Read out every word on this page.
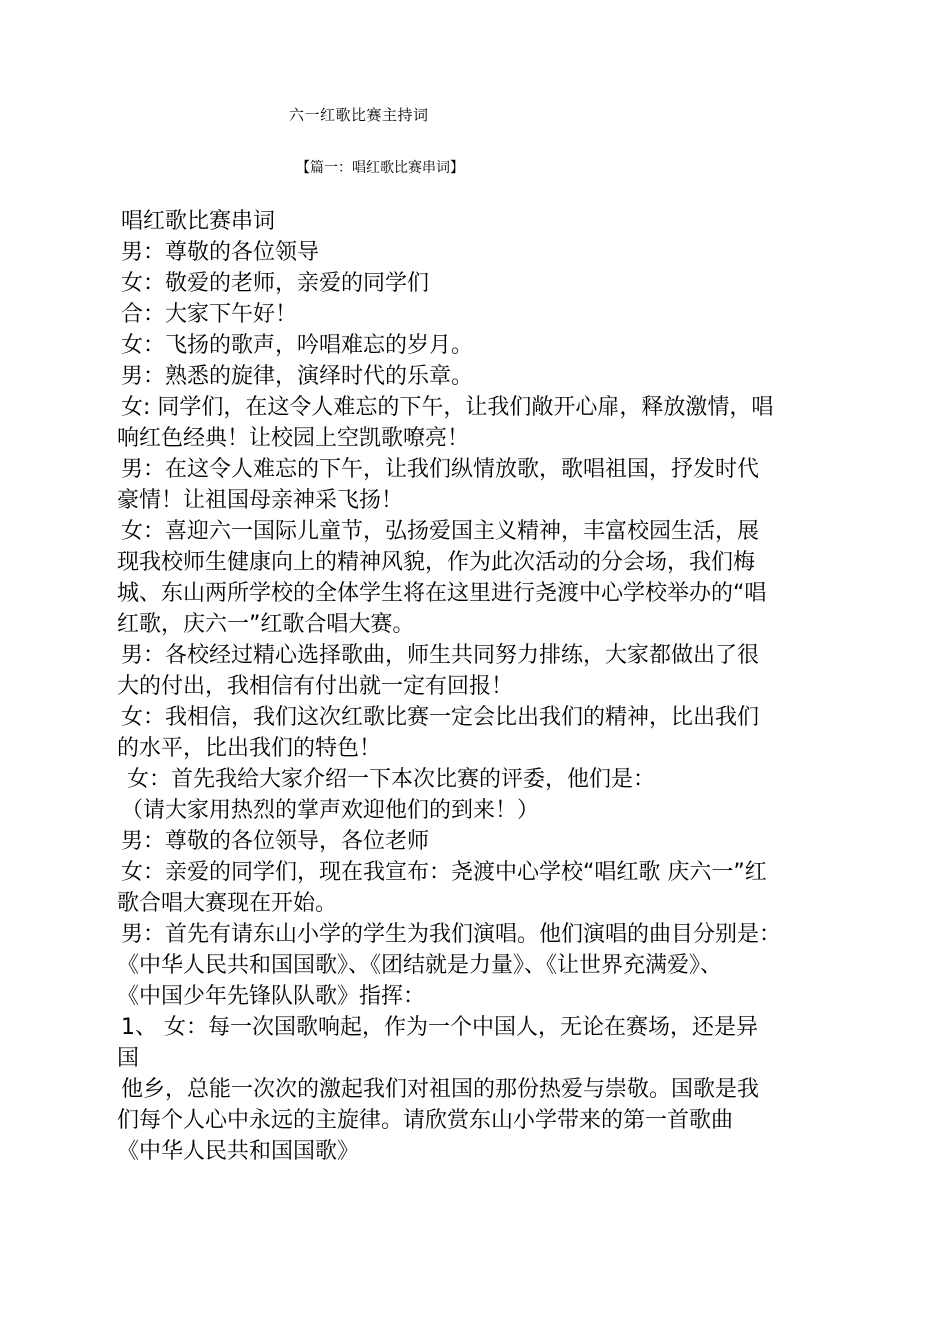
六一红歌比赛主持词
【篇一：唱红歌比赛串词】
唱红歌比赛串词
男：尊敬的各位领导
女：敬爱的老师，亲爱的同学们
合：大家下午好！
女：飞扬的歌声，吟唱难忘的岁月。
男：熟悉的旋律，演绎时代的乐章。
女: 同学们，在这令人难忘的下午，让我们敞开心扉，释放激情，唱
响红色经典！让校园上空凯歌嘹亮！
男：在这令人难忘的下午，让我们纵情放歌，歌唱祖国，抒发时代
豪情！让祖国母亲神采飞扬！
女：喜迎六一国际儿童节，弘扬爱国主义精神，丰富校园生活，展
现我校师生健康向上的精神风貌，作为此次活动的分会场，我们梅
城、东山两所学校的全体学生将在这里进行尧渡中心学校举办的“唱
红歌，庆六一”红歌合唱大赛。
男：各校经过精心选择歌曲，师生共同努力排练，大家都做出了很
大的付出，我相信有付出就一定有回报！
女：我相信，我们这次红歌比赛一定会比出我们的精神，比出我们
的水平，比出我们的特色！
女：首先我给大家介绍一下本次比赛的评委，他们是：
（请大家用热烈的掌声欢迎他们的到来！）
男：尊敬的各位领导，各位老师
女：亲爱的同学们，现在我宣布：尧渡中心学校“唱红歌 庆六一”红
歌合唱大赛现在开始。
男：首先有请东山小学的学生为我们演唱。他们演唱的曲目分别是：
《中华人民共和国国歌》、《团结就是力量》、《让世界充满爱》、
《中国少年先锋队队歌》指挥：
1、 女：每一次国歌响起，作为一个中国人，无论在赛场，还是异
国
他乡，总能一次次的激起我们对祖国的那份热爱与崇敬。国歌是我
们每个人心中永远的主旋律。请欣赏东山小学带来的第一首歌曲
《中华人民共和国国歌》
